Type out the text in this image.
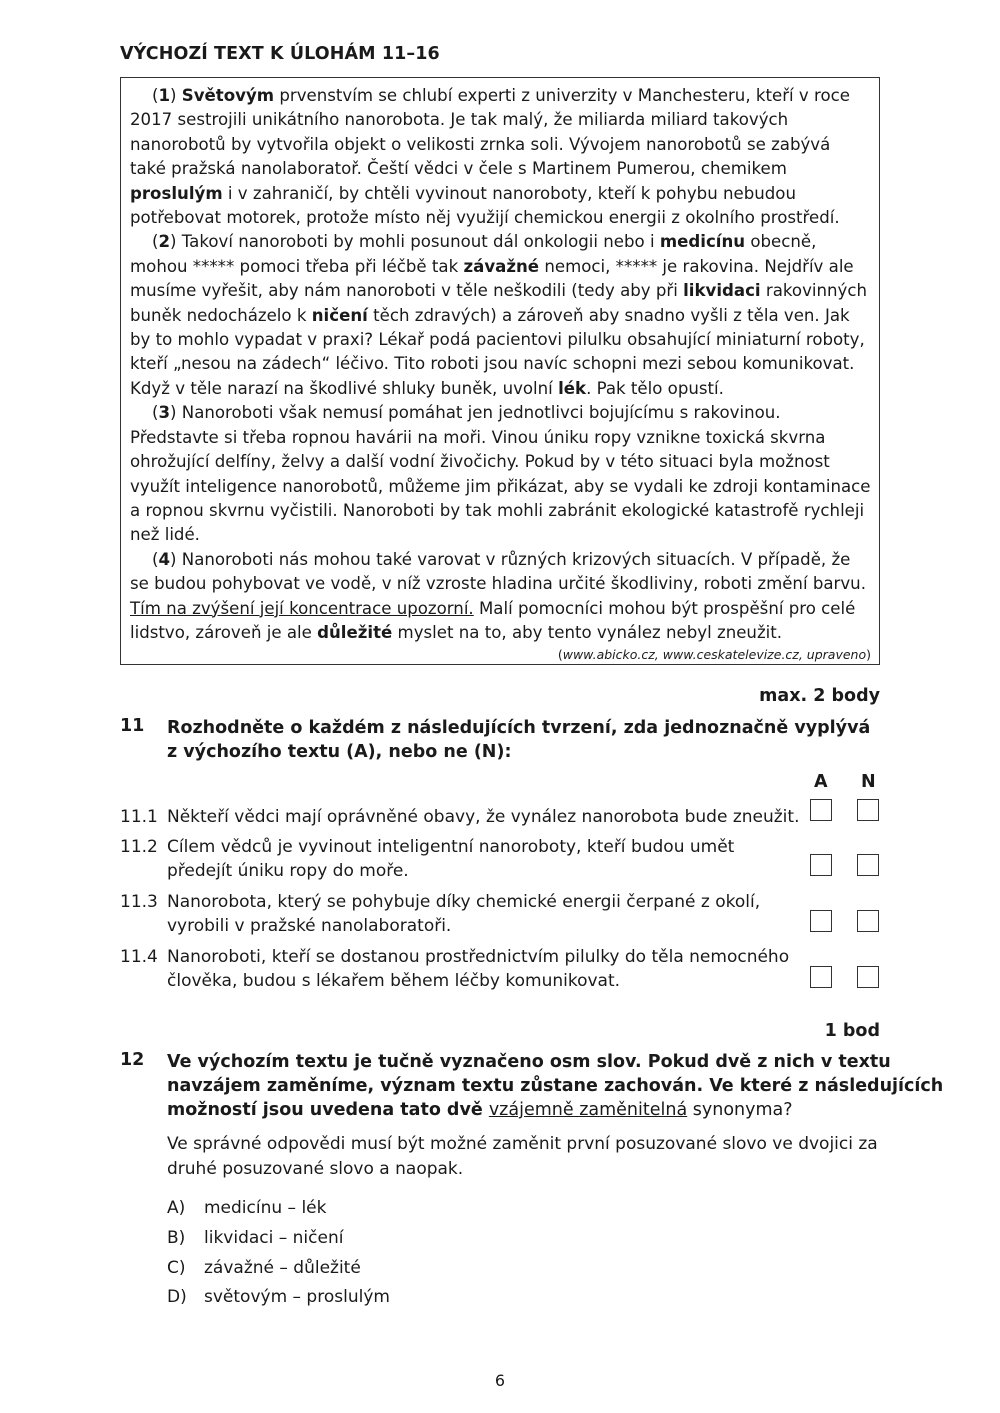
VÝCHOZÍ TEXT K ÚLOHÁM 11–16

(1) Světovým prvenstvím se chlubí experti z univerzity v Manchesteru, kteří v roce 2017 sestrojili unikátního nanorobota. Je tak malý, že miliarda miliard takových nanorobotů by vytvořila objekt o velikosti zrnka soli. Vývojem nanorobotů se zabývá také pražská nanolaboratoř. Čeští vědci v čele s Martinem Pumerou, chemikem proslulým i v zahraničí, by chtěli vyvinout nanoroboty, kteří k pohybu nebudou potřebovat motorek, protože místo něj využijí chemickou energii z okolního prostředí.

(2) Takoví nanoroboti by mohli posunout dál onkologii nebo i medicínu obecně, mohou ***** pomoci třeba při léčbě tak závažné nemoci, ***** je rakovina. Nejdřív ale musíme vyřešit, aby nám nanoroboti v těle neškodili (tedy aby při likvidaci rakovinných buněk nedocházelo k ničení těch zdravých) a zároveň aby snadno vyšli z těla ven. Jak by to mohlo vypadat v praxi? Lékař podá pacientovi pilulku obsahující miniaturní roboty, kteří „nesou na zádech“ léčivo. Tito roboti jsou navíc schopni mezi sebou komunikovat. Když v těle narazí na škodlivé shluky buněk, uvolní lék. Pak tělo opustí.

(3) Nanoroboti však nemusí pomáhat jen jednotlivci bojujícímu s rakovinou. Představte si třeba ropnou havárii na moři. Vinou úniku ropy vznikne toxická skvrna ohrožující delfíny, želvy a další vodní živočichy. Pokud by v této situaci byla možnost využít inteligence nanorobotů, můžeme jim přikázat, aby se vydali ke zdroji kontaminace a ropnou skvrnu vyčistili. Nanoroboti by tak mohli zabránit ekologické katastrofě rychleji než lidé.

(4) Nanoroboti nás mohou také varovat v různých krizových situacích. V případě, že se budou pohybovat ve vodě, v níž vzroste hladina určité škodliviny, roboti změní barvu. Tím na zvýšení její koncentrace upozorní. Malí pomocníci mohou být prospěšní pro celé lidstvo, zároveň je ale důležité myslet na to, aby tento vynález nebyl zneužit.

(www.abicko.cz, www.ceskatelevize.cz, upraveno)
max. 2 body
11 Rozhodněte o každém z následujících tvrzení, zda jednoznačně vyplývá
z výchozího textu (A), nebo ne (N):
A N
11.1 Někteří vědci mají oprávněné obavy, že vynález nanorobota bude zneužit.
11.2 Cílem vědců je vyvinout inteligentní nanoroboty, kteří budou umět předejít úniku ropy do moře.
11.3 Nanorobota, který se pohybuje díky chemické energii čerpané z okolí, vyrobili v pražské nanolaboratoři.
11.4 Nanoroboti, kteří se dostanou prostřednictvím pilulky do těla nemocného člověka, budou s lékařem během léčby komunikovat.
1 bod
12 Ve výchozím textu je tučně vyznačeno osm slov. Pokud dvě z nich v textu
navzájem zaměníme, význam textu zůstane zachován. Ve které z následujících
možností jsou uvedena tato dvě vzájemně zaměnitelná synonyma?
Ve správné odpovědi musí být možné zaměnit první posuzované slovo ve dvojici za druhé posuzované slovo a naopak.
A) medicínu – lék
B) likvidaci – ničení
C) závažné – důležité
D) světovým – proslulým
6
